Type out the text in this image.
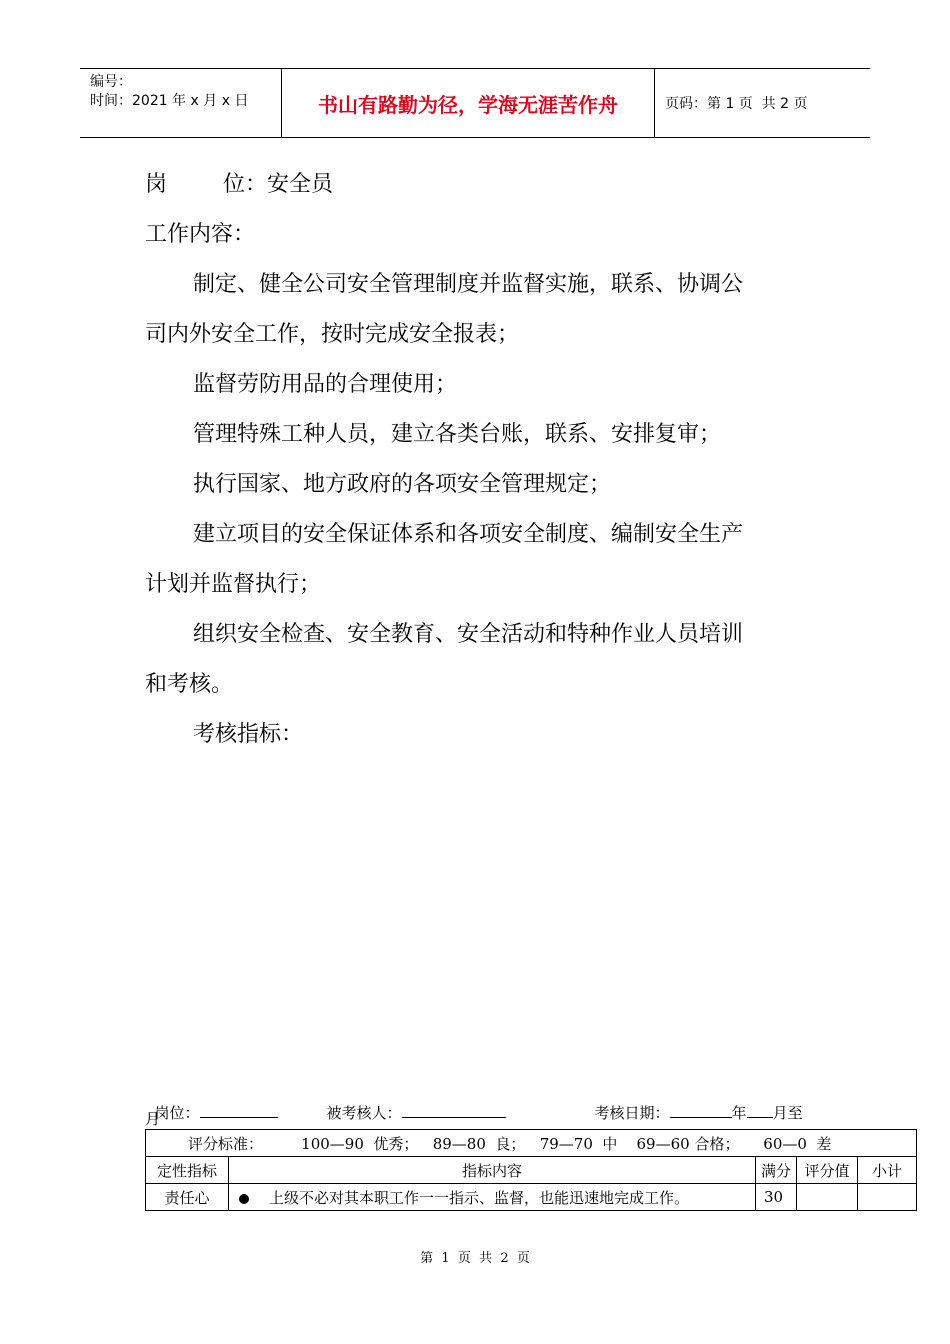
编号：
时间：2021 年 x 月 x 日	书山有路勤为径，学海无涯苦作舟	页码：第 1 页  共 2 页
岗        位：安全员
工作内容：
制定、健全公司安全管理制度并监督实施，联系、协调公
司内外安全工作，按时完成安全报表；
监督劳防用品的合理使用；
管理特殊工种人员，建立各类台账，联系、安排复审；
执行国家、地方政府的各项安全管理规定；
建立项目的安全保证体系和各项安全制度、编制安全生产
计划并监督执行；
组织安全检查、安全教育、安全活动和特种作业人员培训
和考核。
考核指标：

岗位：	被考核人：	考核日期：	年 月至

月
评分标准：        100—90  优秀；   89—80  良；   79—70  中    69—60 合格；     60—0  差				
定性指标	指标内容	满分	评分值	小计
责任心	上级不必对其本职工作一一指示、监督，也能迅速地完成工作。	30		
第  1  页  共  2  页
